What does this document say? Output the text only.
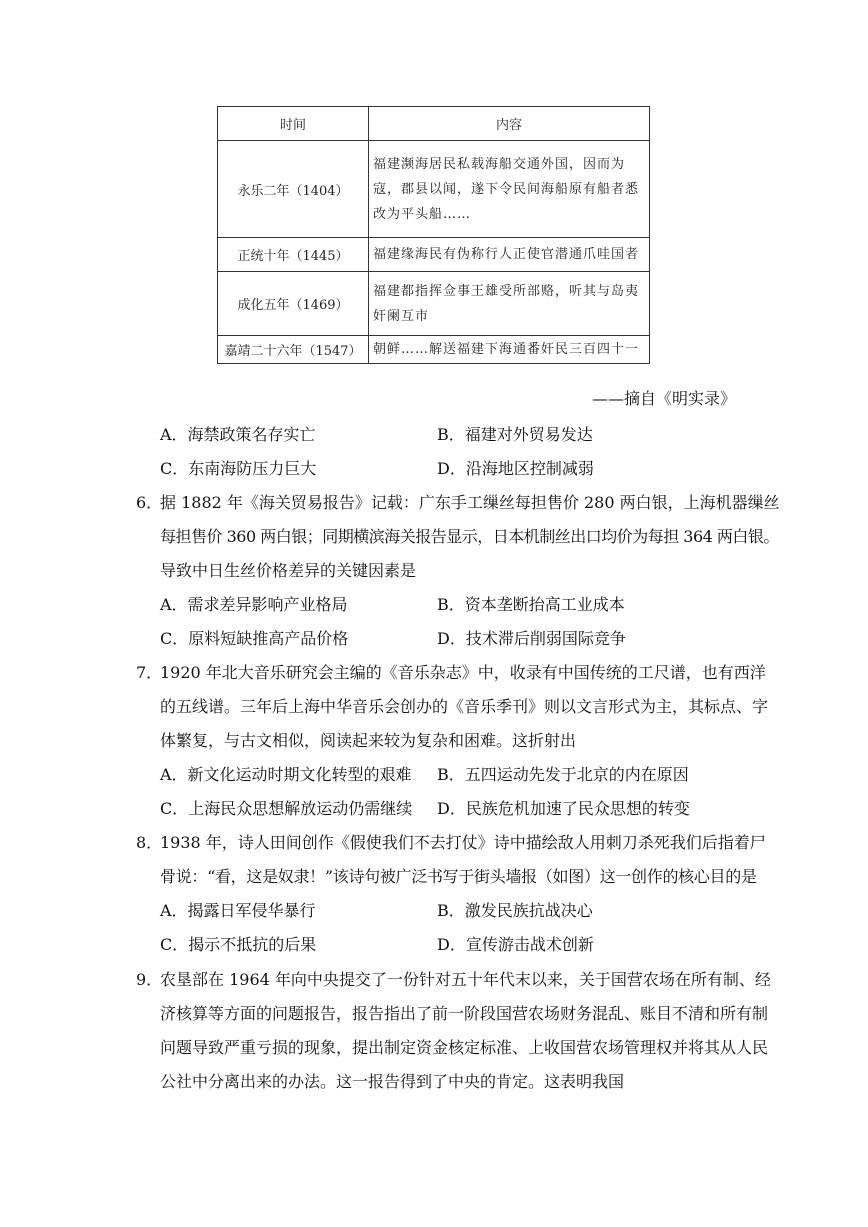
时间	内容
永乐二年（1404）	福建濒海居民私载海船交通外国，因而为寇，郡县以闻，遂下令民间海船原有船者悉改为平头船……
正统十年（1445）	福建缘海民有伪称行人正使官潜通爪哇国者
成化五年（1469）	福建都指挥佥事王雄受所部赂，听其与岛夷奸阑互市
嘉靖二十六年（1547）	朝鲜……解送福建下海通番奸民三百四十一
——摘自《明实录》
A．海禁政策名存实亡	B．福建对外贸易发达
C．东南海防压力巨大	D．沿海地区控制减弱
6．
据 1882 年《海关贸易报告》记载：广东手工缫丝每担售价 280 两白银，上海机器缫丝
每担售价 360 两白银；同期横滨海关报告显示，日本机制丝出口均价为每担 364 两白银。
导致中日生丝价格差异的关键因素是
A．需求差异影响产业格局	B．资本垄断抬高工业成本
C．原料短缺推高产品价格	D．技术滞后削弱国际竞争
7．
1920 年北大音乐研究会主编的《音乐杂志》中，收录有中国传统的工尺谱，也有西洋
的五线谱。三年后上海中华音乐会创办的《音乐季刊》则以文言形式为主，其标点、字
体繁复，与古文相似，阅读起来较为复杂和困难。这折射出
A．新文化运动时期文化转型的艰难 B．五四运动先发于北京的内在原因
C．上海民众思想解放运动仍需继续 D．民族危机加速了民众思想的转变
8．
1938 年，诗人田间创作《假使我们不去打仗》诗中描绘敌人用刺刀杀死我们后指着尸
骨说：“看，这是奴隶！”该诗句被广泛书写于街头墙报（如图）这一创作的核心目的是
A．揭露日军侵华暴行	B．激发民族抗战决心
C．揭示不抵抗的后果	D．宣传游击战术创新
9．
农垦部在 1964 年向中央提交了一份针对五十年代末以来，关于国营农场在所有制、经
济核算等方面的问题报告，报告指出了前一阶段国营农场财务混乱、账目不清和所有制
问题导致严重亏损的现象，提出制定资金核定标准、上收国营农场管理权并将其从人民
公社中分离出来的办法。这一报告得到了中央的肯定。这表明我国
